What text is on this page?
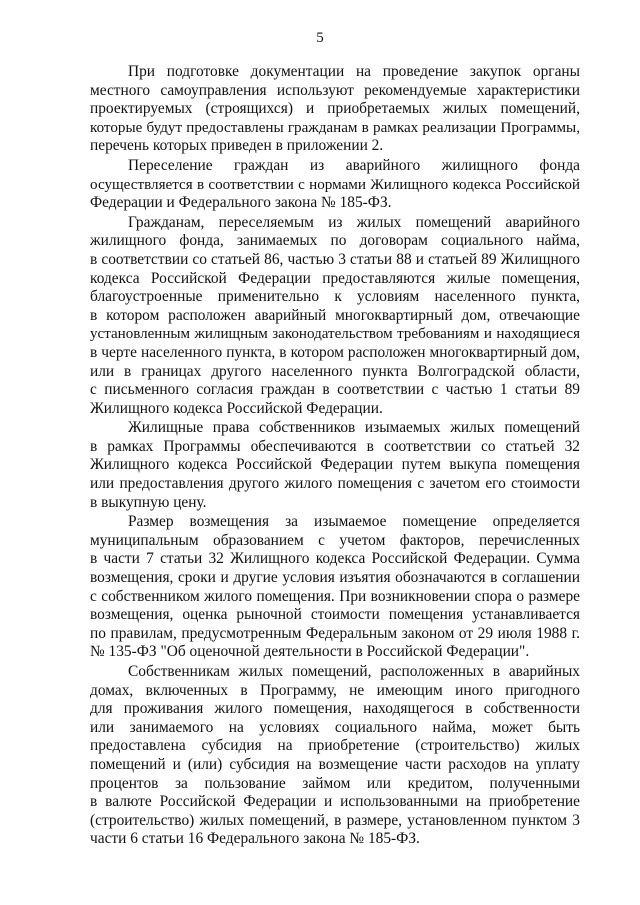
5

При подготовке документации на проведение закупок органы
местного самоуправления используют рекомендуемые характеристики
проектируемых (строящихся) и приобретаемых жилых помещений,
которые будут предоставлены гражданам в рамках реализации Программы,
перечень которых приведен в приложении 2.

Переселение граждан из аварийного жилищного фонда
осуществляется в соответствии с нормами Жилищного кодекса Российской
Федерации и Федерального закона № 185-ФЗ.

Гражданам, переселяемым из жилых помещений аварийного
жилищного фонда, занимаемых по договорам социального найма,
в соответствии со статьей 86, частью 3 статьи 88 и статьей 89 Жилищного
кодекса Российской Федерации предоставляются жилые помещения,
благоустроенные применительно к условиям населенного пункта,
в котором расположен аварийный многоквартирный дом, отвечающие
установленным жилищным законодательством требованиям и находящиеся
в черте населенного пункта, в котором расположен многоквартирный дом,
или в границах другого населенного пункта Волгоградской области,
с письменного согласия граждан в соответствии с частью 1 статьи 89
Жилищного кодекса Российской Федерации.

Жилищные права собственников изымаемых жилых помещений
в рамках Программы обеспечиваются в соответствии со статьей 32
Жилищного кодекса Российской Федерации путем выкупа помещения
или предоставления другого жилого помещения с зачетом его стоимости
в выкупную цену.

Размер возмещения за изымаемое помещение определяется
муниципальным образованием с учетом факторов, перечисленных
в части 7 статьи 32 Жилищного кодекса Российской Федерации. Сумма
возмещения, сроки и другие условия изъятия обозначаются в соглашении
с собственником жилого помещения. При возникновении спора о размере
возмещения, оценка рыночной стоимости помещения устанавливается
по правилам, предусмотренным Федеральным законом от 29 июля 1988 г.
№ 135-ФЗ "Об оценочной деятельности в Российской Федерации".

Собственникам жилых помещений, расположенных в аварийных
домах, включенных в Программу, не имеющим иного пригодного
для проживания жилого помещения, находящегося в собственности
или занимаемого на условиях социального найма, может быть
предоставлена субсидия на приобретение (строительство) жилых
помещений и (или) субсидия на возмещение части расходов на уплату
процентов за пользование займом или кредитом, полученными
в валюте Российской Федерации и использованными на приобретение
(строительство) жилых помещений, в размере, установленном пунктом 3
части 6 статьи 16 Федерального закона № 185-ФЗ.
